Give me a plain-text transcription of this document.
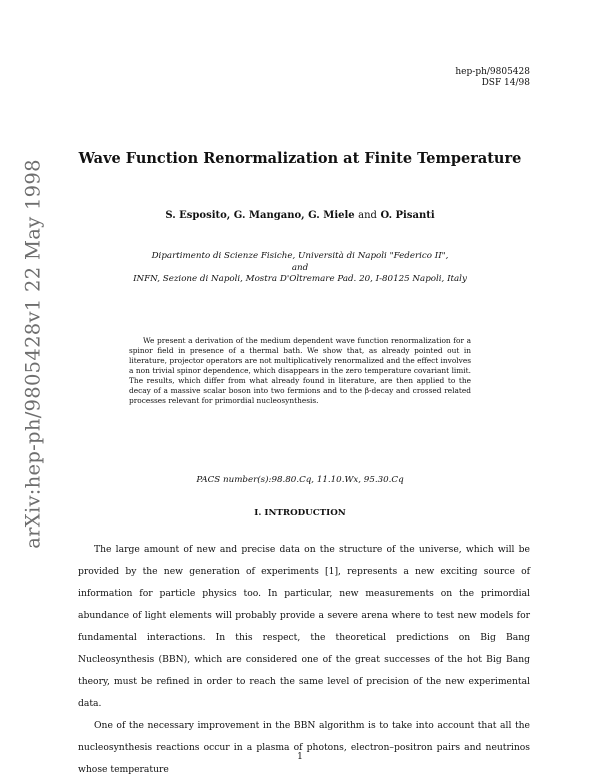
arXiv:hep-ph/9805428v1 22 May 1998
hep-ph/9805428
DSF 14/98
Wave Function Renormalization at Finite Temperature
S. Esposito, G. Mangano, G. Miele and O. Pisanti
Dipartimento di Scienze Fisiche, Università di Napoli "Federico II",
and
INFN, Sezione di Napoli, Mostra D'Oltremare Pad. 20, I-80125 Napoli, Italy
We present a derivation of the medium dependent wave function renormalization for a spinor field in presence of a thermal bath. We show that, as already pointed out in literature, projector operators are not multiplicatively renormalized and the effect involves a non trivial spinor dependence, which disappears in the zero temperature covariant limit. The results, which differ from what already found in literature, are then applied to the decay of a massive scalar boson into two fermions and to the β-decay and crossed related processes relevant for primordial nucleosynthesis.
PACS number(s):98.80.Cq, 11.10.Wx, 95.30.Cq
I. INTRODUCTION

The large amount of new and precise data on the structure of the universe, which will be provided by the new generation of experiments [1], represents a new exciting source of information for particle physics too. In particular, new measurements on the primordial abundance of light elements will probably provide a severe arena where to test new models for fundamental interactions. In this respect, the theoretical predictions on Big Bang Nucleosynthesis (BBN), which are considered one of the great successes of the hot Big Bang theory, must be refined in order to reach the same level of precision of the new experimental data.

One of the necessary improvement in the BBN algorithm is to take into account that all the nucleosynthesis reactions occur in a plasma of photons, electron–positron pairs and neutrinos whose temperature

1
